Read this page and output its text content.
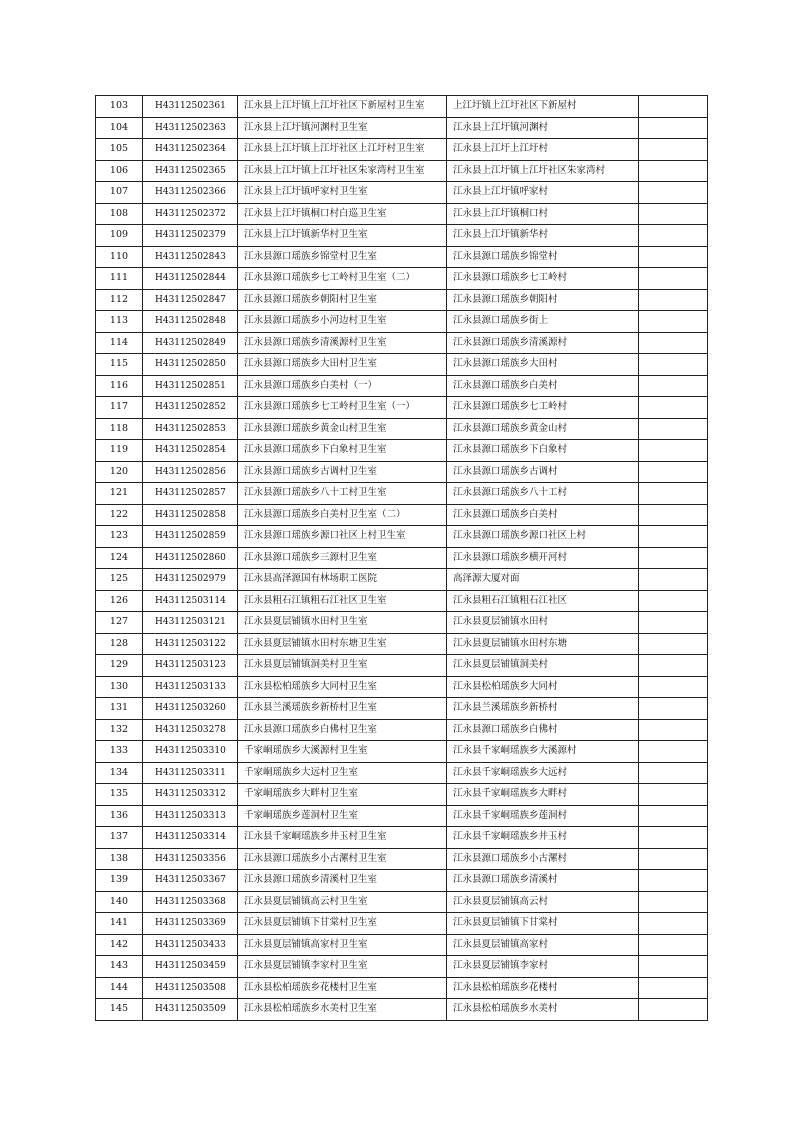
103	H43112502361	江永县上江圩镇上江圩社区下新屋村卫生室	上江圩镇上江圩社区下新屋村	
104	H43112502363	江永县上江圩镇河渊村卫生室	江永县上江圩镇河渊村	
105	H43112502364	江永县上江圩镇上江圩社区上江圩村卫生室	江永县上江圩上江圩村	
106	H43112502365	江永县上江圩镇上江圩社区朱家湾村卫生室	江永县上江圩镇上江圩社区朱家湾村	
107	H43112502366	江永县上江圩镇呼家村卫生室	江永县上江圩镇呼家村	
108	H43112502372	江永县上江圩镇桐口村白巡卫生室	江永县上江圩镇桐口村	
109	H43112502379	江永县上江圩镇新华村卫生室	江永县上江圩镇新华村	
110	H43112502843	江永县源口瑶族乡锦堂村卫生室	江永县源口瑶族乡锦堂村	
111	H43112502844	江永县源口瑶族乡七工岭村卫生室（二）	江永县源口瑶族乡七工岭村	
112	H43112502847	江永县源口瑶族乡朝阳村卫生室	江永县源口瑶族乡朝阳村	
113	H43112502848	江永县源口瑶族乡小河边村卫生室	江永县源口瑶族乡街上	
114	H43112502849	江永县源口瑶族乡清溪源村卫生室	江永县源口瑶族乡清溪源村	
115	H43112502850	江永县源口瑶族乡大田村卫生室	江永县源口瑶族乡大田村	
116	H43112502851	江永县源口瑶族乡白美村（一）	江永县源口瑶族乡白美村	
117	H43112502852	江永县源口瑶族乡七工岭村卫生室（一）	江永县源口瑶族乡七工岭村	
118	H43112502853	江永县源口瑶族乡黄金山村卫生室	江永县源口瑶族乡黄金山村	
119	H43112502854	江永县源口瑶族乡下白象村卫生室	江永县源口瑶族乡下白象村	
120	H43112502856	江永县源口瑶族乡古调村卫生室	江永县源口瑶族乡古调村	
121	H43112502857	江永县源口瑶族乡八十工村卫生室	江永县源口瑶族乡八十工村	
122	H43112502858	江永县源口瑶族乡白美村卫生室（二）	江永县源口瑶族乡白美村	
123	H43112502859	江永县源口瑶族乡源口社区上村卫生室	江永县源口瑶族乡源口社区上村	
124	H43112502860	江永县源口瑶族乡三源村卫生室	江永县源口瑶族乡横开河村	
125	H43112502979	江永县高泽源国有林场职工医院	高泽源大厦对面	
126	H43112503114	江永县粗石江镇粗石江社区卫生室	江永县粗石江镇粗石江社区	
127	H43112503121	江永县夏层铺镇水田村卫生室	江永县夏层铺镇水田村	
128	H43112503122	江永县夏层铺镇水田村东塘卫生室	江永县夏层铺镇水田村东塘	
129	H43112503123	江永县夏层铺镇洞美村卫生室	江永县夏层铺镇洞美村	
130	H43112503133	江永县松柏瑶族乡大同村卫生室	江永县松柏瑶族乡大同村	
131	H43112503260	江永县兰溪瑶族乡新桥村卫生室	江永县兰溪瑶族乡新桥村	
132	H43112503278	江永县源口瑶族乡白佛村卫生室	江永县源口瑶族乡白佛村	
133	H43112503310	千家峒瑶族乡大溪源村卫生室	江永县千家峒瑶族乡大溪源村	
134	H43112503311	千家峒瑶族乡大远村卫生室	江永县千家峒瑶族乡大远村	
135	H43112503312	千家峒瑶族乡大畔村卫生室	江永县千家峒瑶族乡大畔村	
136	H43112503313	千家峒瑶族乡莲洞村卫生室	江永县千家峒瑶族乡莲洞村	
137	H43112503314	江永县千家峒瑶族乡井玉村卫生室	江永县千家峒瑶族乡井玉村	
138	H43112503356	江永县源口瑶族乡小古漯村卫生室	江永县源口瑶族乡小古漯村	
139	H43112503367	江永县源口瑶族乡清溪村卫生室	江永县源口瑶族乡清溪村	
140	H43112503368	江永县夏层铺镇高云村卫生室	江永县夏层铺镇高云村	
141	H43112503369	江永县夏层铺镇下甘棠村卫生室	江永县夏层铺镇下甘棠村	
142	H43112503433	江永县夏层铺镇高家村卫生室	江永县夏层铺镇高家村	
143	H43112503459	江永县夏层铺镇李家村卫生室	江永县夏层铺镇李家村	
144	H43112503508	江永县松柏瑶族乡花楼村卫生室	江永县松柏瑶族乡花楼村	
145	H43112503509	江永县松柏瑶族乡水美村卫生室	江永县松柏瑶族乡水美村	
